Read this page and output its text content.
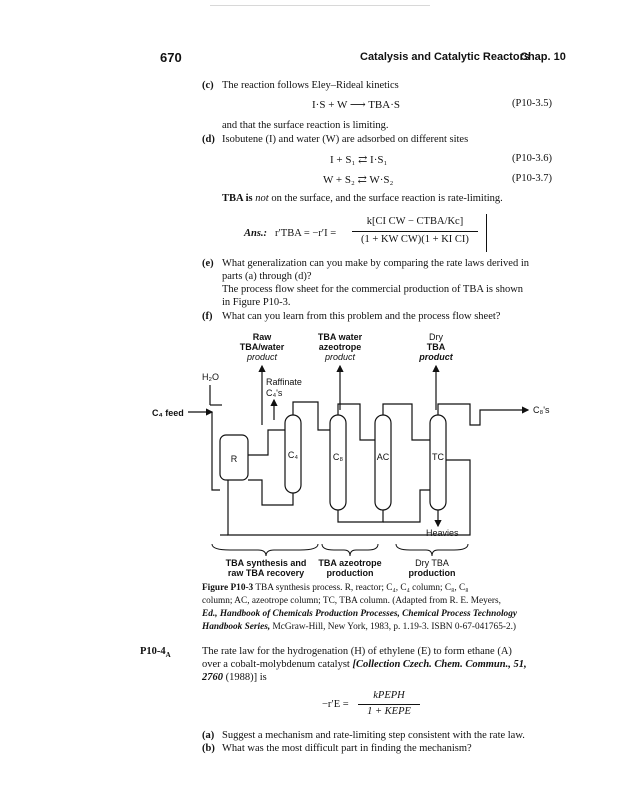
670	Catalysis and Catalytic Reactors
Chap. 10
(c) The reaction follows Eley–Rideal kinetics
I·S + W ⟶ TBA·S	(P10-3.5)
and that the surface reaction is limiting.
(d) Isobutene (I) and water (W) are adsorbed on different sites
I + S₁ ⇄ I·S₁	(P10-3.6)
W + S₂ ⇄ W·S₂	(P10-3.7)
TBA is not on the surface, and the surface reaction is rate-limiting.
Ans.: r′TBA = −r′I =
k[CI CW − CTBA/Kc]
(1 + KW CW)(1 + KI CI)
(e) What generalization can you make by comparing the rate laws derived in
parts (a) through (d)?
The process flow sheet for the commercial production of TBA is shown
in Figure P10-3.
(f) What can you learn from this problem and the process flow sheet?
Raw
TBA/water
product
TBA water
azeotrope
product
Dry
TBA
product
H₂O	Raffinate
C₄'s
C₄ feed	C₈'s
R	C₄	C₈	AC	TC
Heavies
TBA synthesis and
raw TBA recovery
TBA azeotrope
production
Dry TBA
production
Figure P10-3 TBA synthesis process. R, reactor; C₄, C₄ column; C₈, C₈
column; AC, azeotrope column; TC, TBA column. (Adapted from R. E. Meyers,
Ed., Handbook of Chemicals Production Processes, Chemical Process Technology
Handbook Series, McGraw-Hill, New York, 1983, p. 1.19-3. ISBN 0-67-041765-2.)
$P10-4_A$	The rate law for the hydrogenation (H) of ethylene (E) to form ethane (A)
over a cobalt-molybdenum catalyst [Collection Czech. Chem. Commun., 51,
2760 (1988)] is
−r′E =
kPEPH
1 + KEPE
(a) Suggest a mechanism and rate-limiting step consistent with the rate law.
(b) What was the most difficult part in finding the mechanism?
